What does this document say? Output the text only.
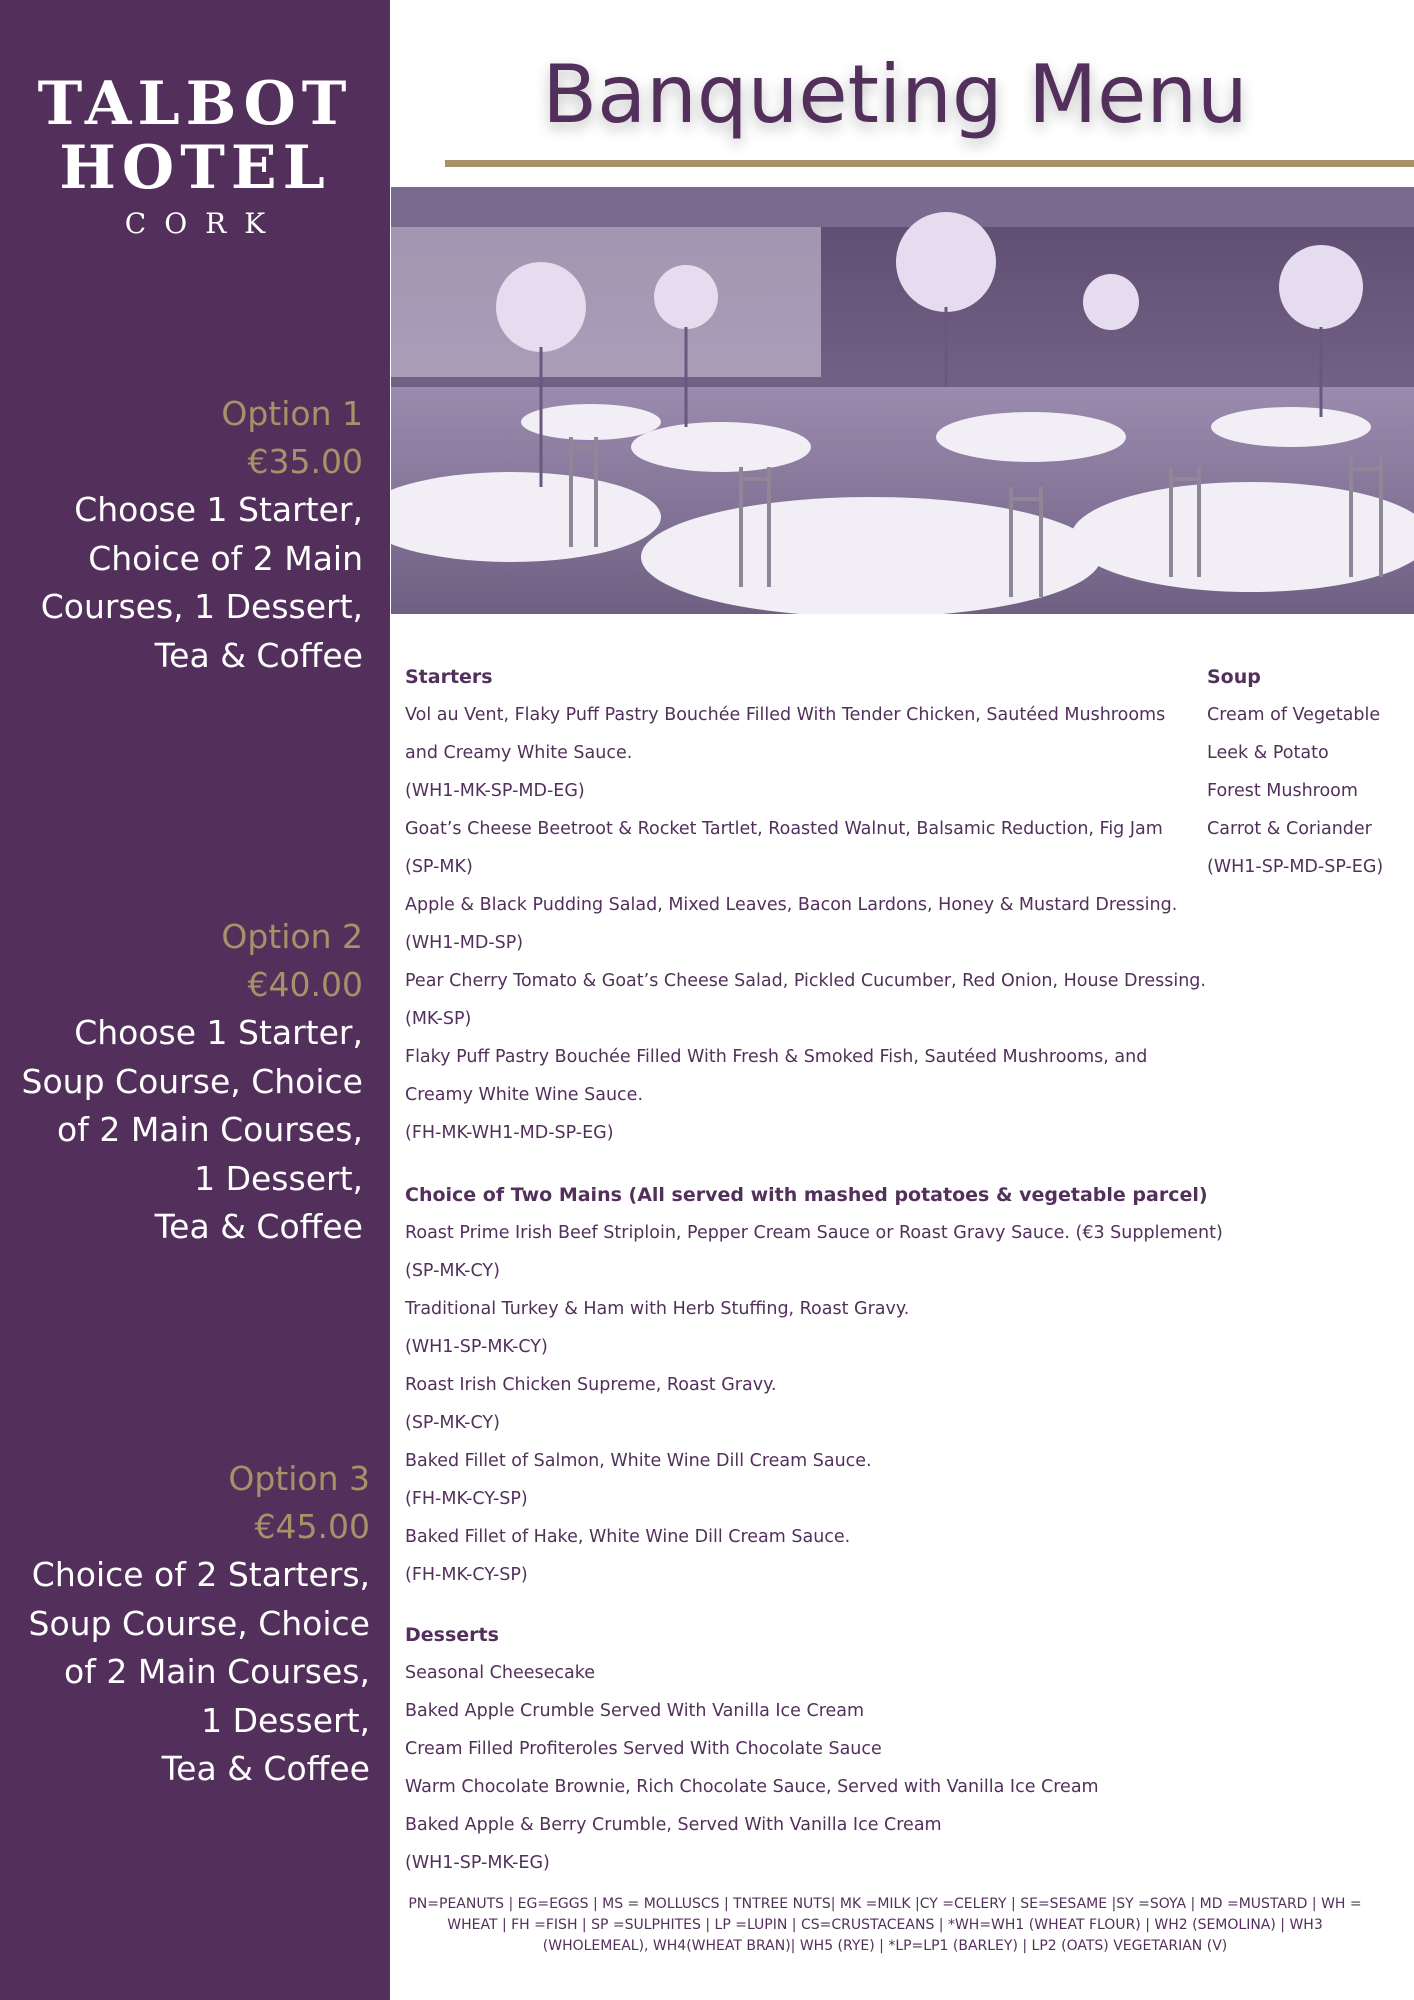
TALBOT
HOTEL
CORK
Option 1
€35.00
Choose 1 Starter,
Choice of 2 Main
Courses, 1 Dessert,
Tea & Coffee
Option 2
€40.00
Choose 1 Starter,
Soup Course, Choice
of 2 Main Courses,
1 Dessert,
Tea & Coffee
Option 3
€45.00
Choice of 2 Starters,
Soup Course, Choice
of 2 Main Courses,
1 Dessert,
Tea & Coffee
Banqueting Menu
Starters
Vol au Vent, Flaky Puff Pastry Bouchée Filled With Tender Chicken, Sautéed Mushrooms
and Creamy White Sauce.
(WH1-MK-SP-MD-EG)
Goat’s Cheese Beetroot & Rocket Tartlet, Roasted Walnut, Balsamic Reduction, Fig Jam
(SP-MK)
Apple & Black Pudding Salad, Mixed Leaves, Bacon Lardons, Honey & Mustard Dressing.
(WH1-MD-SP)
Pear Cherry Tomato & Goat’s Cheese Salad, Pickled Cucumber, Red Onion, House Dressing.
(MK-SP)
Flaky Puff Pastry Bouchée Filled With Fresh & Smoked Fish, Sautéed Mushrooms, and
Creamy White Wine Sauce.
(FH-MK-WH1-MD-SP-EG)
Soup
Cream of Vegetable
Leek & Potato
Forest Mushroom
Carrot & Coriander
(WH1-SP-MD-SP-EG)
Choice of Two Mains (All served with mashed potatoes & vegetable parcel)
Roast Prime Irish Beef Striploin, Pepper Cream Sauce or Roast Gravy Sauce. (€3 Supplement)
(SP-MK-CY)
Traditional Turkey & Ham with Herb Stuffing, Roast Gravy.
(WH1-SP-MK-CY)
Roast Irish Chicken Supreme, Roast Gravy.
(SP-MK-CY)
Baked Fillet of Salmon, White Wine Dill Cream Sauce.
(FH-MK-CY-SP)
Baked Fillet of Hake, White Wine Dill Cream Sauce.
(FH-MK-CY-SP)
Desserts
Seasonal Cheesecake
Baked Apple Crumble Served With Vanilla Ice Cream
Cream Filled Profiteroles Served With Chocolate Sauce
Warm Chocolate Brownie, Rich Chocolate Sauce, Served with Vanilla Ice Cream
Baked Apple & Berry Crumble, Served With Vanilla Ice Cream
(WH1-SP-MK-EG)
PN=PEANUTS | EG=EGGS | MS = MOLLUSCS | TNTREE NUTS| MK =MILK |CY =CELERY | SE=SESAME |SY =SOYA | MD =MUSTARD | WH = WHEAT | FH =FISH | SP =SULPHITES | LP =LUPIN | CS=CRUSTACEANS | *WH=WH1 (WHEAT FLOUR) | WH2 (SEMOLINA) | WH3 (WHOLEMEAL), WH4(WHEAT BRAN)| WH5 (RYE) | *LP=LP1 (BARLEY) | LP2 (OATS) VEGETARIAN (V)
